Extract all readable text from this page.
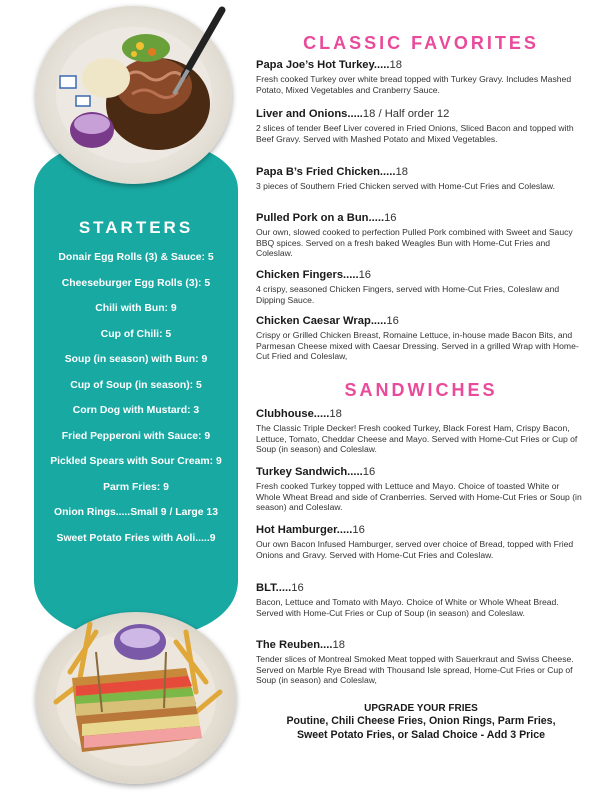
STARTERS
Donair Egg Rolls (3) & Sauce: 5
Cheeseburger Egg Rolls (3): 5
Chili with Bun: 9
Cup of Chili: 5
Soup (in season) with Bun: 9
Cup of Soup (in season): 5
Corn Dog with Mustard: 3
Fried Pepperoni with Sauce: 9
Pickled Spears with Sour Cream: 9
Parm Fries: 9
Onion Rings.....Small 9 / Large 13
Sweet Potato Fries with Aoli.....9
CLASSIC FAVORITES
Papa Joe’s Hot Turkey.....18
Fresh cooked Turkey over white bread topped with Turkey Gravy. Includes Mashed Potato, Mixed Vegetables and Cranberry Sauce.
Liver and Onions.....18 / Half order 12
2 slices of tender Beef Liver covered in Fried Onions, Sliced Bacon and topped with Beef Gravy. Served with Mashed Potato and Mixed Vegetables.
Papa B’s Fried Chicken.....18
3 pieces of Southern Fried Chicken served with Home-Cut Fries and Coleslaw.
Pulled Pork on a Bun.....16
Our own, slowed cooked to perfection Pulled Pork combined with Sweet and Saucy BBQ spices. Served on a fresh baked Weagles Bun with Home-Cut Fries and Coleslaw.
Chicken Fingers.....16
4 crispy, seasoned Chicken Fingers, served with Home-Cut Fries, Coleslaw and Dipping Sauce.
Chicken Caesar Wrap.....16
Crispy or Grilled Chicken Breast, Romaine Lettuce, in-house made Bacon Bits, and Parmesan Cheese mixed with Caesar Dressing. Served in a grilled Wrap with Home-Cut Fried and Coleslaw,
SANDWICHES
Clubhouse.....18
The Classic Triple Decker! Fresh cooked Turkey, Black Forest Ham, Crispy Bacon, Lettuce, Tomato, Cheddar Cheese and Mayo. Served with Home-Cut Fries or Cup of Soup (in season) and Coleslaw.
Turkey Sandwich.....16
Fresh cooked Turkey topped with Lettuce and Mayo. Choice of toasted White or Whole Wheat Bread and side of Cranberries. Served with Home-Cut Fries or Soup (in season) and Coleslaw.
Hot Hamburger.....16
Our own Bacon Infused Hamburger, served over choice of Bread, topped with Fried Onions and Gravy. Served with Home-Cut Fries and Coleslaw.
BLT.....16
Bacon, Lettuce and Tomato with Mayo. Choice of White or Whole Wheat Bread. Served with Home-Cut Fries or Cup of Soup (in season) and Coleslaw.
The Reuben....18
Tender slices of Montreal Smoked Meat topped with Sauerkraut and Swiss Cheese. Served on Marble Rye Bread with Thousand Isle spread, Home-Cut Fries or Cup of Soup (in season) and Coleslaw,
UPGRADE YOUR FRIES
Poutine, Chili Cheese Fries, Onion Rings, Parm Fries,
Sweet Potato Fries, or Salad Choice - Add 3 Price
